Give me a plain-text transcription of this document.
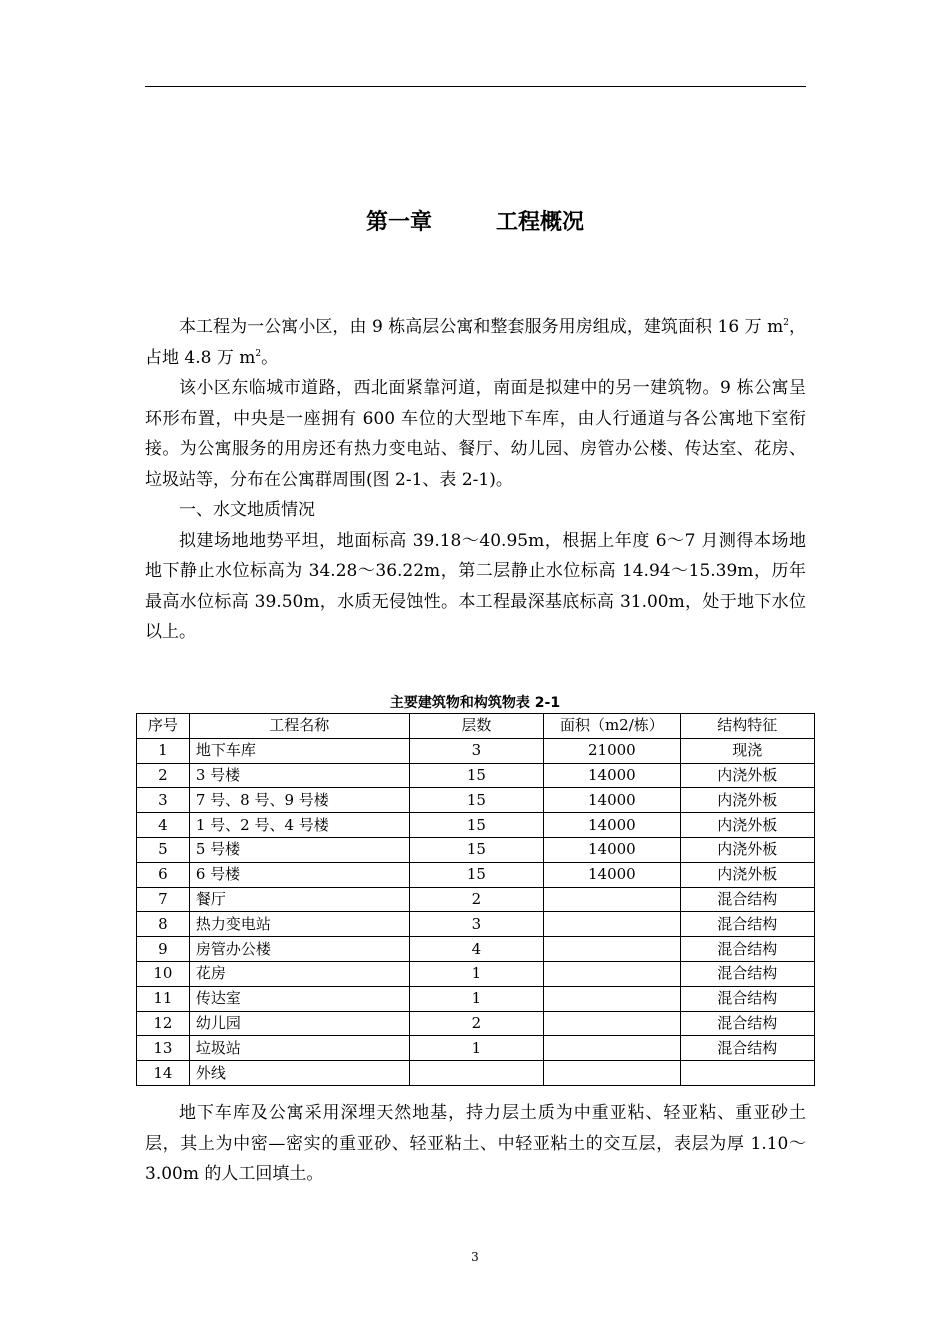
第一章	工程概况

本工程为一公寓小区，由 9 栋高层公寓和整套服务用房组成，建筑面积 16 万 $m^2$，占地 4.8 万 $m^2$。

该小区东临城市道路，西北面紧靠河道，南面是拟建中的另一建筑物。9 栋公寓呈环形布置，中央是一座拥有 600 车位的大型地下车库，由人行通道与各公寓地下室衔接。为公寓服务的用房还有热力变电站、餐厅、幼儿园、房管办公楼、传达室、花房、垃圾站等，分布在公寓群周围(图 2-1、表 2-1)。

一、水文地质情况

拟建场地地势平坦，地面标高 39.18～40.95m，根据上年度 6～7 月测得本场地地下静止水位标高为 34.28～36.22m，第二层静止水位标高 14.94～15.39m，历年最高水位标高 39.50m，水质无侵蚀性。本工程最深基底标高 31.00m，处于地下水位以上。

主要建筑物和构筑物表 2-1
序号	工程名称	层数	面积（m2/栋）	结构特征
1	地下车库	3	21000	现浇
2	3 号楼	15	14000	内浇外板
3	7 号、8 号、9 号楼	15	14000	内浇外板
4	1 号、2 号、4 号楼	15	14000	内浇外板
5	5 号楼	15	14000	内浇外板
6	6 号楼	15	14000	内浇外板
7	餐厅	2		混合结构
8	热力变电站	3		混合结构
9	房管办公楼	4		混合结构
10	花房	1		混合结构
11	传达室	1		混合结构
12	幼儿园	2		混合结构
13	垃圾站	1		混合结构
14	外线			

地下车库及公寓采用深埋天然地基，持力层土质为中重亚粘、轻亚粘、重亚砂土层，其上为中密—密实的重亚砂、轻亚粘土、中轻亚粘土的交互层，表层为厚 1.10～3.00m 的人工回填土。

3
